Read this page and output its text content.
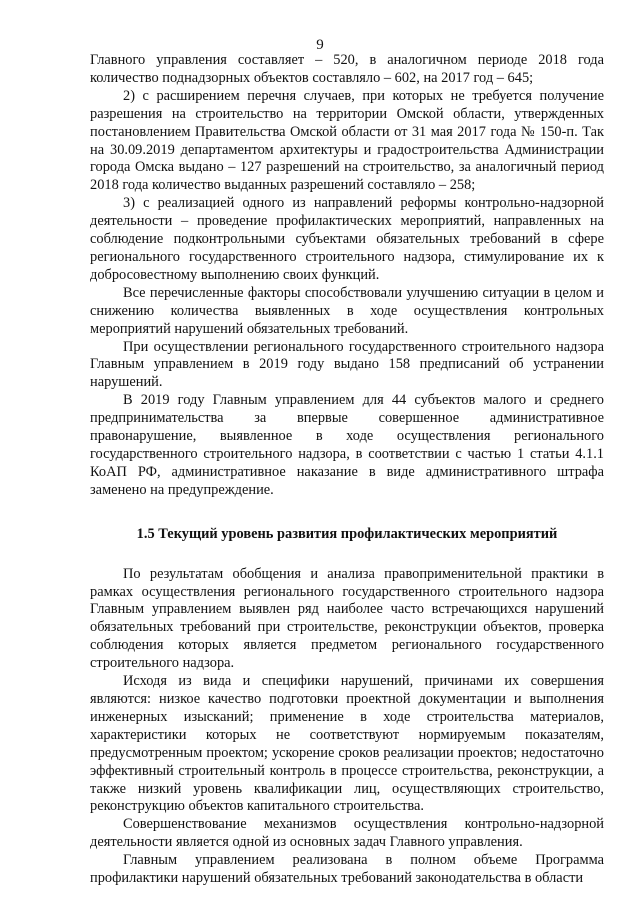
9

Главного управления составляет – 520, в аналогичном периоде 2018 года количество поднадзорных объектов составляло – 602, на 2017 год – 645;

2) с расширением перечня случаев, при которых не требуется получение разрешения на строительство на территории Омской области, утвержденных постановлением Правительства Омской области от 31 мая 2017 года № 150-п. Так на 30.09.2019 департаментом архитектуры и градостроительства Администрации города Омска выдано – 127 разрешений на строительство, за аналогичный период 2018 года количество выданных разрешений составляло – 258;

3) с реализацией одного из направлений реформы контрольно-надзорной деятельности – проведение профилактических мероприятий, направленных на соблюдение подконтрольными субъектами обязательных требований в сфере регионального государственного строительного надзора, стимулирование их к добросовестному выполнению своих функций.

Все перечисленные факторы способствовали улучшению ситуации в целом и снижению количества выявленных в ходе осуществления контрольных мероприятий нарушений обязательных требований.

При осуществлении регионального государственного строительного надзора Главным управлением в 2019 году выдано 158 предписаний об устранении нарушений.

В 2019 году Главным управлением для 44 субъектов малого и среднего предпринимательства за впервые совершенное административное правонарушение, выявленное в ходе осуществления регионального государственного строительного надзора, в соответствии с частью 1 статьи 4.1.1 КоАП РФ, административное наказание в виде административного штрафа заменено на предупреждение.

1.5 Текущий уровень развития профилактических мероприятий

По результатам обобщения и анализа правоприменительной практики в рамках осуществления регионального государственного строительного надзора Главным управлением выявлен ряд наиболее часто встречающихся нарушений обязательных требований при строительстве, реконструкции объектов, проверка соблюдения которых является предметом регионального государственного строительного надзора.

Исходя из вида и специфики нарушений, причинами их совершения являются: низкое качество подготовки проектной документации и выполнения инженерных изысканий; применение в ходе строительства материалов, характеристики которых не соответствуют нормируемым показателям, предусмотренным проектом; ускорение сроков реализации проектов; недостаточно эффективный строительный контроль в процессе строительства, реконструкции, а также низкий уровень квалификации лиц, осуществляющих строительство, реконструкцию объектов капитального строительства.

Совершенствование механизмов осуществления контрольно-надзорной деятельности является одной из основных задач Главного управления.

Главным управлением реализована в полном объеме Программа профилактики нарушений обязательных требований законодательства в области
